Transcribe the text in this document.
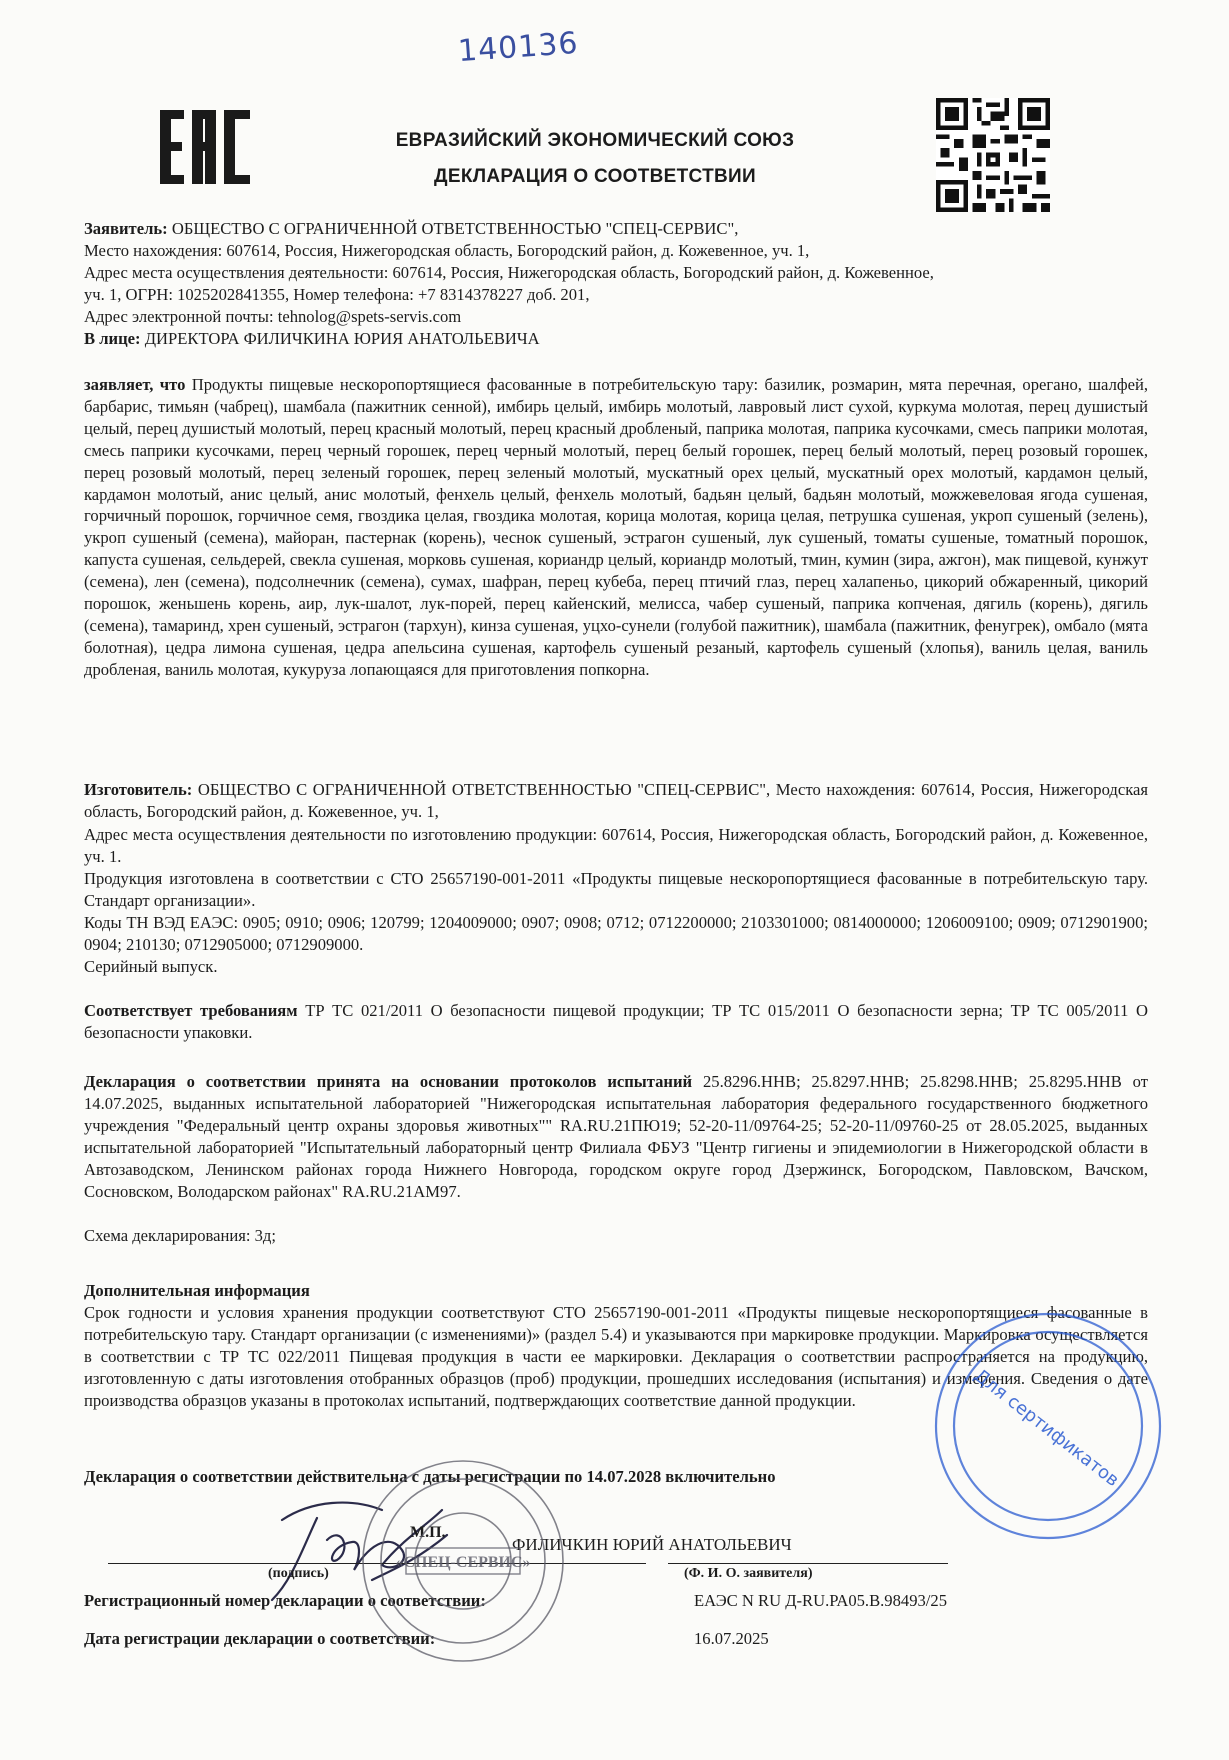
140136
ЕВРАЗИЙСКИЙ ЭКОНОМИЧЕСКИЙ СОЮЗ
ДЕКЛАРАЦИЯ О СООТВЕТСТВИИ
Заявитель: ОБЩЕСТВО С ОГРАНИЧЕННОЙ ОТВЕТСТВЕННОСТЬЮ "СПЕЦ-СЕРВИС",
Место нахождения: 607614, Россия, Нижегородская область, Богородский район, д. Кожевенное, уч. 1,
Адрес места осуществления деятельности: 607614, Россия, Нижегородская область, Богородский район, д. Кожевенное,
уч. 1, ОГРН: 1025202841355, Номер телефона: +7 8314378227 доб. 201,
Адрес электронной почты: tehnolog@spets-servis.com
В лице: ДИРЕКТОРА ФИЛИЧКИНА ЮРИЯ АНАТОЛЬЕВИЧА
заявляет, что Продукты пищевые нескоропортящиеся фасованные в потребительскую тару: базилик, розмарин, мята перечная, орегано, шалфей, барбарис, тимьян (чабрец), шамбала (пажитник сенной), имбирь целый, имбирь молотый, лавровый лист сухой, куркума молотая, перец душистый целый, перец душистый молотый, перец красный молотый, перец красный дробленый, паприка молотая, паприка кусочками, смесь паприки молотая, смесь паприки кусочками, перец черный горошек, перец черный молотый, перец белый горошек, перец белый молотый, перец розовый горошек, перец розовый молотый, перец зеленый горошек, перец зеленый молотый, мускатный орех целый, мускатный орех молотый, кардамон целый, кардамон молотый, анис целый, анис молотый, фенхель целый, фенхель молотый, бадьян целый, бадьян молотый, можжевеловая ягода сушеная, горчичный порошок, горчичное семя, гвоздика целая, гвоздика молотая, корица молотая, корица целая, петрушка сушеная, укроп сушеный (зелень), укроп сушеный (семена), майоран, пастернак (корень), чеснок сушеный, эстрагон сушеный, лук сушеный, томаты сушеные, томатный порошок, капуста сушеная, сельдерей, свекла сушеная, морковь сушеная, кориандр целый, кориандр молотый, тмин, кумин (зира, ажгон), мак пищевой, кунжут (семена), лен (семена), подсолнечник (семена), сумах, шафран, перец кубеба, перец птичий глаз, перец халапеньо, цикорий обжаренный, цикорий порошок, женьшень корень, аир, лук-шалот, лук-порей, перец кайенский, мелисса, чабер сушеный, паприка копченая, дягиль (корень), дягиль (семена), тамаринд, хрен сушеный, эстрагон (тархун), кинза сушеная, уцхо-сунели (голубой пажитник), шамбала (пажитник, фенугрек), омбало (мята болотная), цедра лимона сушеная, цедра апельсина сушеная, картофель сушеный резаный, картофель сушеный (хлопья), ваниль целая, ваниль дробленая, ваниль молотая, кукуруза лопающаяся для приготовления попкорна.
Изготовитель: ОБЩЕСТВО С ОГРАНИЧЕННОЙ ОТВЕТСТВЕННОСТЬЮ "СПЕЦ-СЕРВИС", Место нахождения: 607614, Россия, Нижегородская область, Богородский район, д. Кожевенное, уч. 1,
Адрес места осуществления деятельности по изготовлению продукции: 607614, Россия, Нижегородская область, Богородский район, д. Кожевенное, уч. 1.
Продукция изготовлена в соответствии с СТО 25657190-001-2011 «Продукты пищевые нескоропортящиеся фасованные в потребительскую тару. Стандарт организации».
Коды ТН ВЭД ЕАЭС: 0905; 0910; 0906; 120799; 1204009000; 0907; 0908; 0712; 0712200000; 2103301000; 0814000000; 1206009100; 0909; 0712901900; 0904; 210130; 0712905000; 0712909000.
Серийный выпуск.
Соответствует требованиям ТР ТС 021/2011 О безопасности пищевой продукции; ТР ТС 015/2011 О безопасности зерна; ТР ТС 005/2011 О безопасности упаковки.
Декларация о соответствии принята на основании протоколов испытаний 25.8296.ННВ; 25.8297.ННВ; 25.8298.ННВ; 25.8295.ННВ от 14.07.2025, выданных испытательной лабораторией "Нижегородская испытательная лаборатория федерального государственного бюджетного учреждения "Федеральный центр охраны здоровья животных"" RA.RU.21ПЮ19; 52-20-11/09764-25; 52-20-11/09760-25 от 28.05.2025, выданных испытательной лабораторией "Испытательный лабораторный центр Филиала ФБУЗ "Центр гигиены и эпидемиологии в Нижегородской области в Автозаводском, Ленинском районах города Нижнего Новгорода, городском округе город Дзержинск, Богородском, Павловском, Вачском, Сосновском, Володарском районах" RA.RU.21АМ97.
Схема декларирования: 3д;
Дополнительная информация
Срок годности и условия хранения продукции соответствуют СТО 25657190-001-2011 «Продукты пищевые нескоропортящиеся фасованные в потребительскую тару. Стандарт организации (с изменениями)» (раздел 5.4) и указываются при маркировке продукции. Маркировка осуществляется в соответствии с ТР ТС 022/2011 Пищевая продукция в части ее маркировки. Декларация о соответствии распространяется на продукцию, изготовленную с даты изготовления отобранных образцов (проб) продукции, прошедших исследования (испытания) и измерения. Сведения о дате производства образцов указаны в протоколах испытаний, подтверждающих соответствие данной продукции.
Декларация о соответствии действительна с даты регистрации по 14.07.2028 включительно
М.П.
ФИЛИЧКИН ЮРИЙ АНАТОЛЬЕВИЧ
(подпись)	(Ф. И. О. заявителя)
Регистрационный номер декларации о соответствии:	ЕАЭС N RU Д-RU.РА05.В.98493/25
Дата регистрации декларации о соответствии:	16.07.2025
«СПЕЦ-СЕРВИС»
Для сертификатов
